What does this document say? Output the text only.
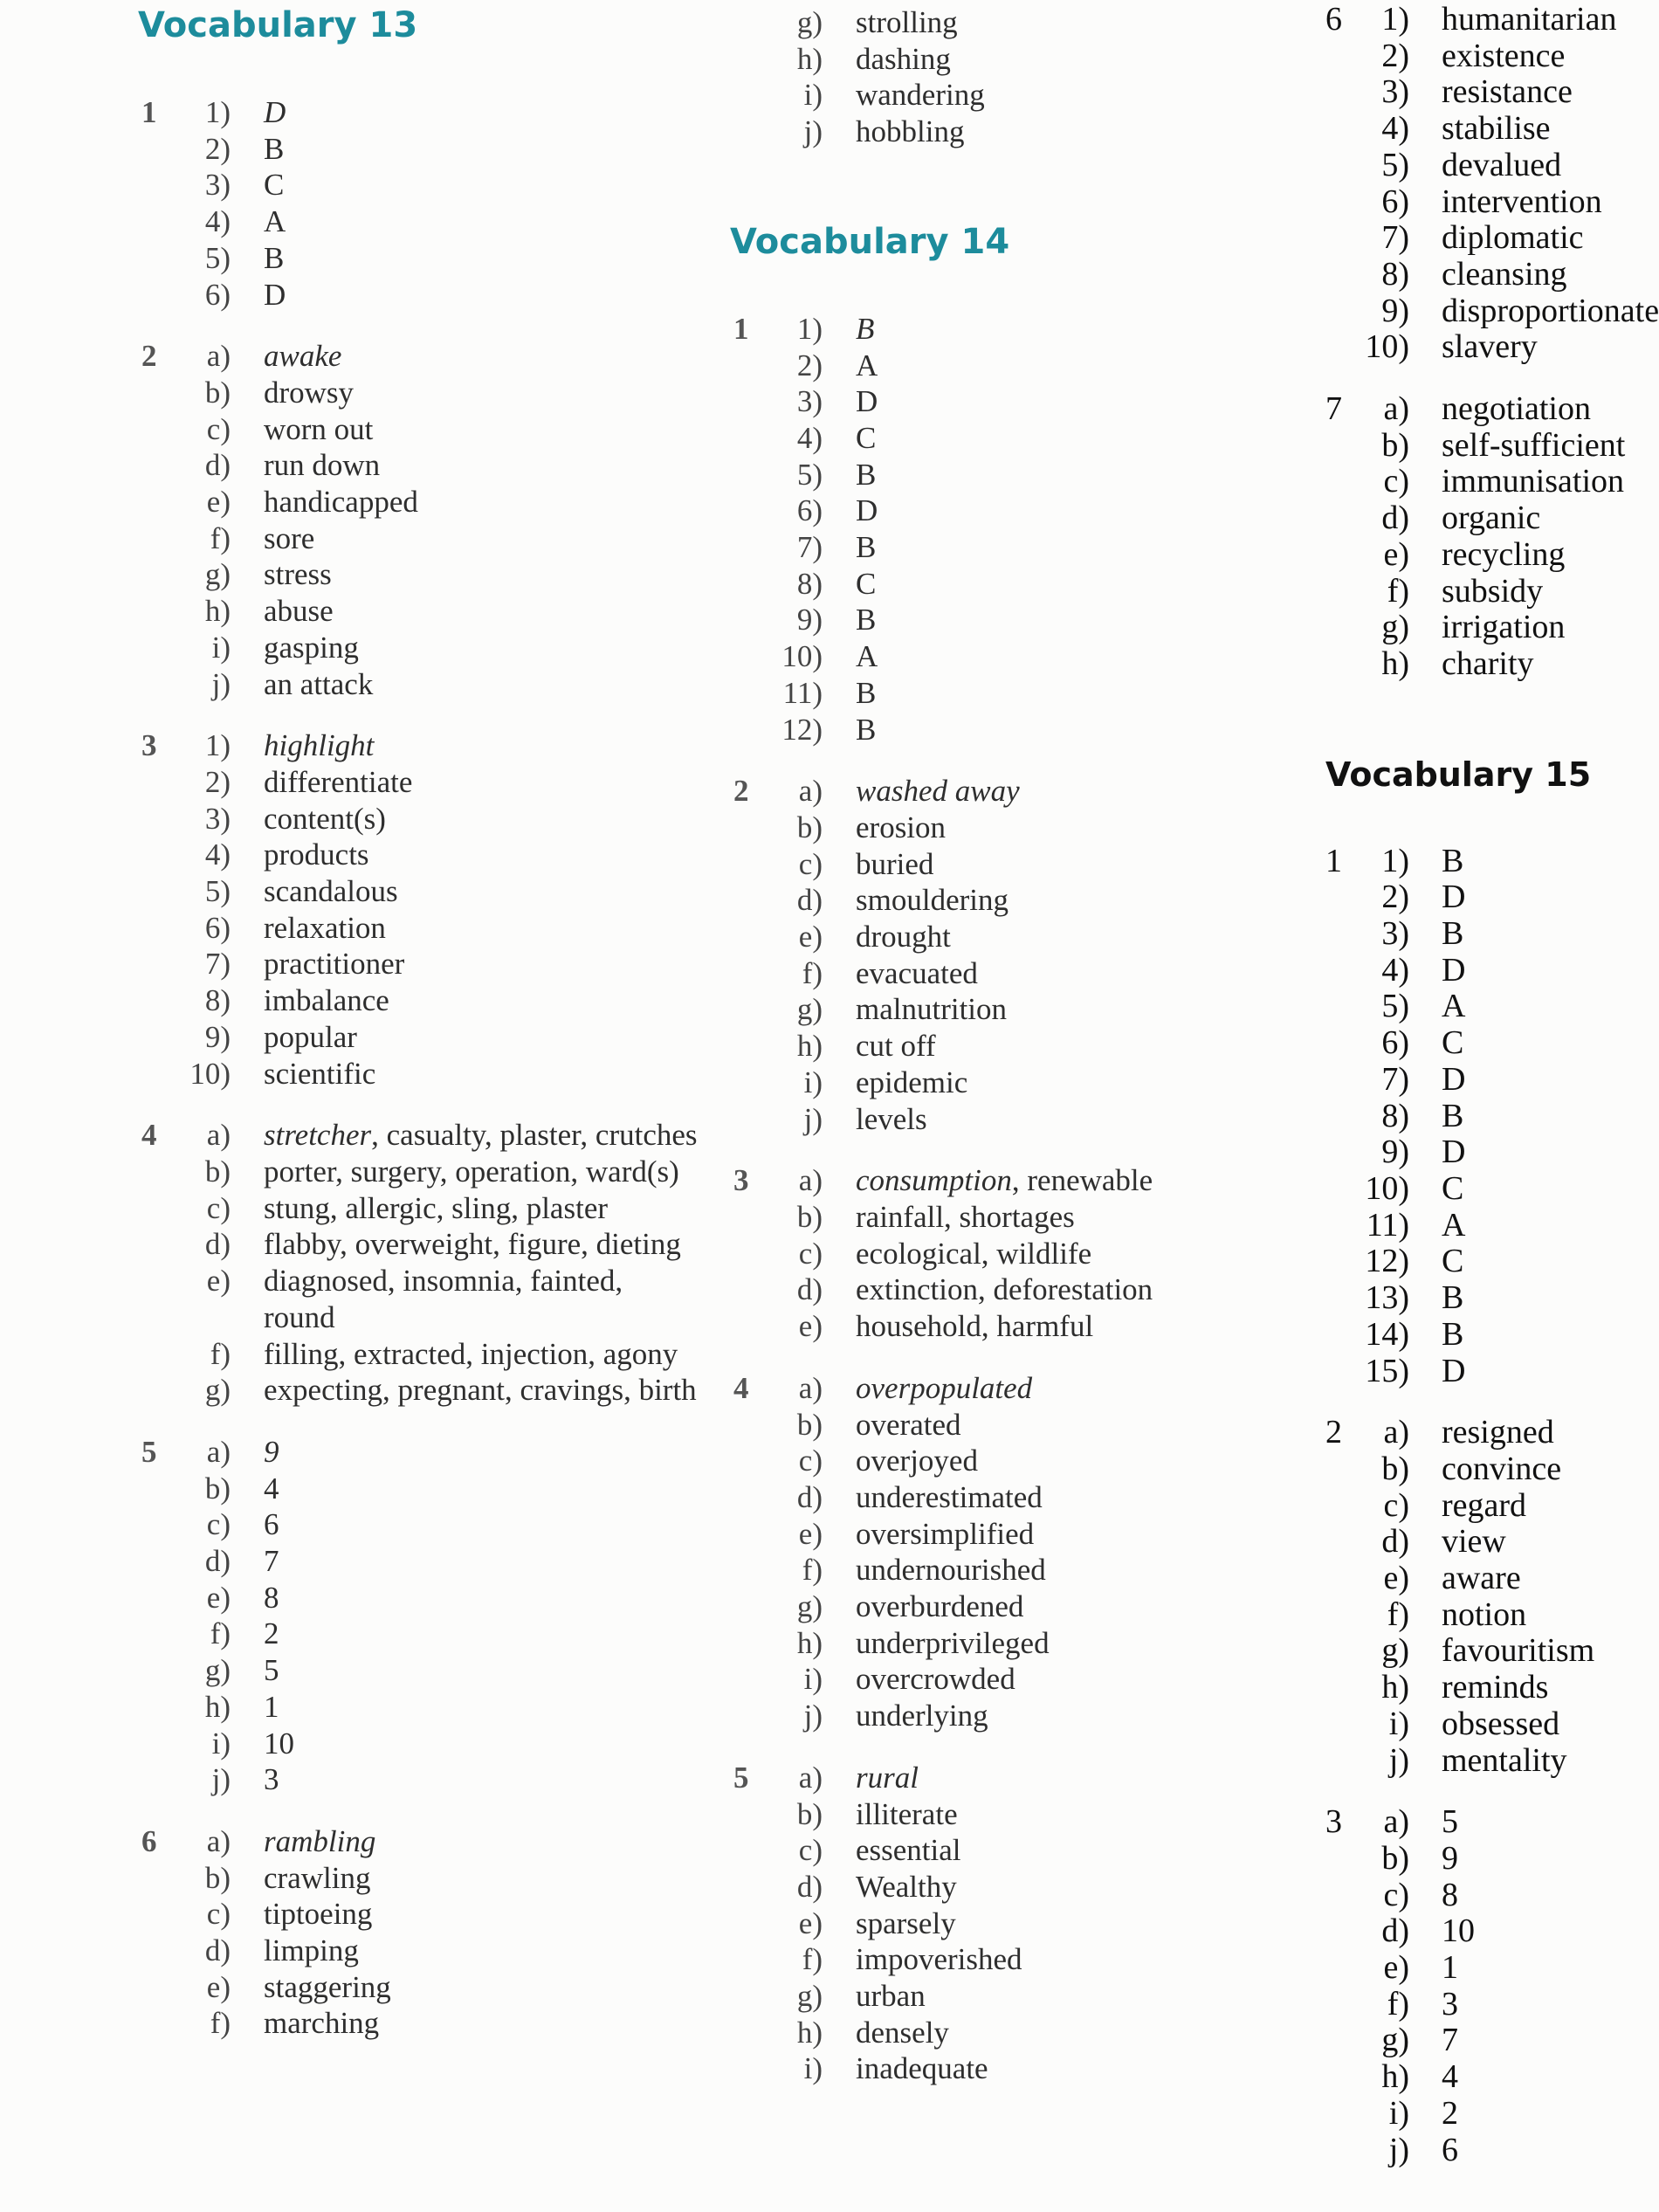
Vocabulary 13
1	1) D
2) B
3) C
4) A
5) B
6) D
2	a) awake
b) drowsy
c) worn out
d) run down
e) handicapped
f) sore
g) stress
h) abuse
i) gasping
j) an attack
3	1) highlight
2) differentiate
3) content(s)
4) products
5) scandalous
6) relaxation
7) practitioner
8) imbalance
9) popular
10) scientific
4	a) stretcher, casualty, plaster, crutches
b) porter, surgery, operation, ward(s)
c) stung, allergic, sling, plaster
d) flabby, overweight, figure, dieting
e) diagnosed, insomnia, fainted, round
f) filling, extracted, injection, agony
g) expecting, pregnant, cravings, birth
5	a) 9
b) 4
c) 6
d) 7
e) 8
f) 2
g) 5
h) 1
i) 10
j) 3
6	a) rambling
b) crawling
c) tiptoeing
d) limping
e) staggering
f) marching
g) strolling
h) dashing
i) wandering
j) hobbling
Vocabulary 14
1	1) B
2) A
3) D
4) C
5) B
6) D
7) B
8) C
9) B
10) A
11) B
12) B
2	a) washed away
b) erosion
c) buried
d) smouldering
e) drought
f) evacuated
g) malnutrition
h) cut off
i) epidemic
j) levels
3	a) consumption, renewable
b) rainfall, shortages
c) ecological, wildlife
d) extinction, deforestation
e) household, harmful
4	a) overpopulated
b) overated
c) overjoyed
d) underestimated
e) oversimplified
f) undernourished
g) overburdened
h) underprivileged
i) overcrowded
j) underlying
5	a) rural
b) illiterate
c) essential
d) Wealthy
e) sparsely
f) impoverished
g) urban
h) densely
i) inadequate
6	1) humanitarian
2) existence
3) resistance
4) stabilise
5) devalued
6) intervention
7) diplomatic
8) cleansing
9) disproportionate
10) slavery
7	a) negotiation
b) self-sufficient
c) immunisation
d) organic
e) recycling
f) subsidy
g) irrigation
h) charity
Vocabulary 15
1	1) B
2) D
3) B
4) D
5) A
6) C
7) D
8) B
9) D
10) C
11) A
12) C
13) B
14) B
15) D
2	a) resigned
b) convince
c) regard
d) view
e) aware
f) notion
g) favouritism
h) reminds
i) obsessed
j) mentality
3	a) 5
b) 9
c) 8
d) 10
e) 1
f) 3
g) 7
h) 4
i) 2
j) 6
